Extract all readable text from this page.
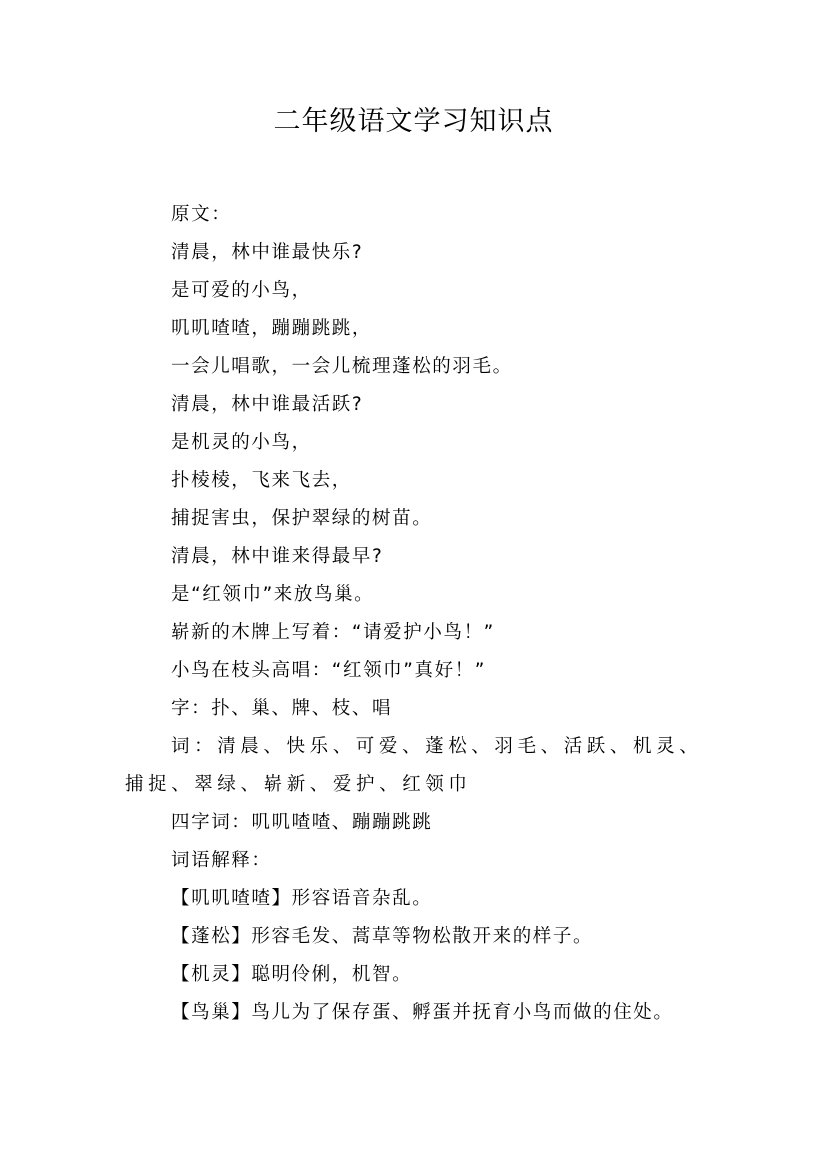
二年级语文学习知识点

原文：

清晨，林中谁最快乐?

是可爱的小鸟，

叽叽喳喳，蹦蹦跳跳，

一会儿唱歌，一会儿梳理蓬松的羽毛。

清晨，林中谁最活跃?

是机灵的小鸟，

扑棱棱，飞来飞去，

捕捉害虫，保护翠绿的树苗。

清晨，林中谁来得最早?

是“红领巾”来放鸟巢。

崭新的木牌上写着：“请爱护小鸟！”

小鸟在枝头高唱：“红领巾”真好！”

字：扑、巢、牌、枝、唱

词：清晨、快乐、可爱、蓬松、羽毛、活跃、机灵、捕捉、翠绿、崭新、爱护、红领巾

四字词：叽叽喳喳、蹦蹦跳跳

词语解释：

【叽叽喳喳】形容语音杂乱。

【蓬松】形容毛发、蒿草等物松散开来的样子。

【机灵】聪明伶俐，机智。

【鸟巢】鸟儿为了保存蛋、孵蛋并抚育小鸟而做的住处。
